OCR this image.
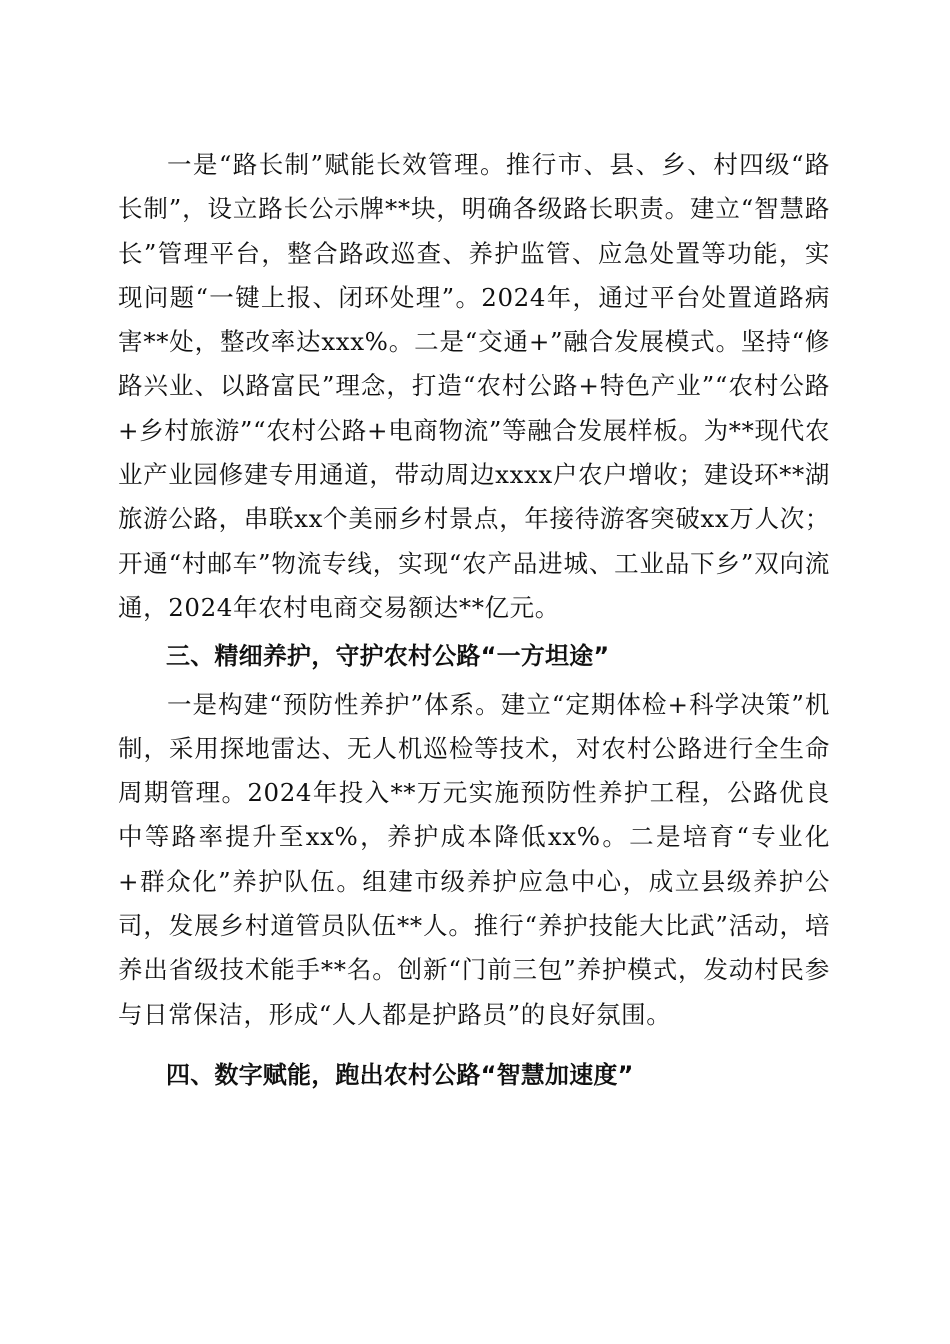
一是“路长制”赋能长效管理。推行市、县、乡、村四级“路长制”，设立路长公示牌**块，明确各级路长职责。建立“智慧路长”管理平台，整合路政巡查、养护监管、应急处置等功能，实现问题“一键上报、闭环处理”。2024年，通过平台处置道路病害**处，整改率达xxx%。二是“交通+”融合发展模式。坚持“修路兴业、以路富民”理念，打造“农村公路+特色产业”“农村公路+乡村旅游”“农村公路+电商物流”等融合发展样板。为**现代农业产业园修建专用通道，带动周边xxxx户农户增收；建设环**湖旅游公路，串联xx个美丽乡村景点，年接待游客突破xx万人次；开通“村邮车”物流专线，实现“农产品进城、工业品下乡”双向流通，2024年农村电商交易额达**亿元。

三、精细养护，守护农村公路“一方坦途”

一是构建“预防性养护”体系。建立“定期体检+科学决策”机制，采用探地雷达、无人机巡检等技术，对农村公路进行全生命周期管理。2024年投入**万元实施预防性养护工程，公路优良中等路率提升至xx%，养护成本降低xx%。二是培育“专业化+群众化”养护队伍。组建市级养护应急中心，成立县级养护公司，发展乡村道管员队伍**人。推行“养护技能大比武”活动，培养出省级技术能手**名。创新“门前三包”养护模式，发动村民参与日常保洁，形成“人人都是护路员”的良好氛围。

四、数字赋能，跑出农村公路“智慧加速度”
